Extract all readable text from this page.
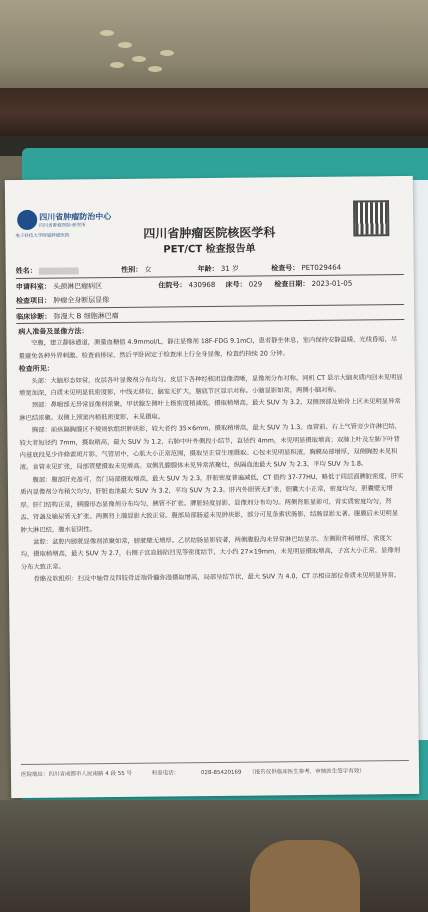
四川省肿瘤防治中心
四川省肿瘤医院·研究所
电子科技大学附属肿瘤医院	四川省肿瘤医院核医学科
PET/CT 检查报告单
姓名：	性别： 女	年龄： 31 岁	检查号： PET029464
申请科室： 头颈淋巴瘤病区	住院号： 430968 床号： 029 检查日期： 2023-01-05
检查项目： 肿瘤全身断层显像
临床诊断： 弥漫大 B 细胞淋巴瘤

病人准备及显像方法：

空腹，建立静脉通道，测量血糖值 4.9mmol/L，静注显像剂 18F-FDG 9.1mCi，患者静坐休息，室内保持安静温暖，光线昏暗，尽量避免各种外界刺激。检查前排尿，然后平卧固定于检查床上行全身显像，检查约持续 20 分钟。

检查所见：

头部：大脑形态如常，皮层各叶显像剂分布均匀。皮层下各种经核团显像清晰，显像剂分布对称。同机 CT 显示大脑灰质内回未见明显增宽加深，白质未见明显低密度影，中线无移位，脑室无扩大，脑底节区显示对称。小脑显影如常，两侧小脑对称。

颈部：鼻咽部无异常显像剂浓聚。甲状腺左侧叶上极密度稍减低，摄取稍增高，最大 SUV 为 3.2。双侧颈部及锁骨上区未见明显异常淋巴结浓聚。双侧上颈窦内稍低密度影，未见摄取。

胸部：前纵隔胸腺区不规则软组织肿块影，较大者约 35×6mm，摄取稍增高，最大 SUV 为 1.3。血管前、右上气管旁少许淋巴结，较大者短径约 7mm，摄取稍高，最大 SUV 为 1.2，右肺中叶外侧段小结节，直径约 4mm，未见明显摄取增高；双肺上叶及左肺下叶背内基底段见少许條索斑片影。气管居中，心肌大小正常范围，摄取呈正常生理摄取。心包未见明显积液，胸膜局部增厚，双侧胸腔未见积液。食管未见扩张，局部管壁摄取未见增高。双侧乳腺腺体未见异常浓聚灶，纵隔血池最大 SUV 为 2.3，平均 SUV 为 1.8。

腹部：腹部肝充盈可，贲门局部摄取增高，最大 SUV 为 2.3，肝脏密度普遍减低，CT 值约 37-77HU，略低于同层面脾脏密度，肝实质内显像剂分布稍欠均匀，肝脏血池最大 SUV 为 3.2，平均 SUV 为 2.3。肝内外胆管无扩张，胆囊大小正常，密度均匀，胆囊壁无增厚。肝门结构正常，胰腺形态显像剂分布均匀，胰管不扩张。脾脏轻度显影，显像剂分布均匀。两侧肾脏显影可，肾实质密度均匀，肾盂、肾盏及输尿管无扩张。两侧肾上腺显影大致正常。腹部局部肠道未见肿块影，部分可见条索状肠影，结肠显影无著。腹膜后未见明显肿大淋巴结，腹水征阴性。

盆腔：盆腔内膀胱显像剂浓聚如常，膀胱壁无增厚。乙状结肠显影较著，两侧腹股沟未异常淋巴结显示。左侧附件稍增厚，密度欠均，摄取稍增高，最大 SUV 为 2.7，右侧子宫直肠陷凹见等密度结节，大小约 27×19mm，未见明显摄取增高，子宫大小正常，显像剂分布大致正常。

骨骼及软组织：扫及中轴骨及四肢骨近端骨髓弥漫摄取增高，局部呈结节状，最大 SUV 为 4.0，CT 示相应部位骨质未见明显异常。

医院地址：四川省成都市人民南路 4 段 55 号	科室电话：	028-85420169 （报告仅供临床医生参考，审核医生签字有效）
